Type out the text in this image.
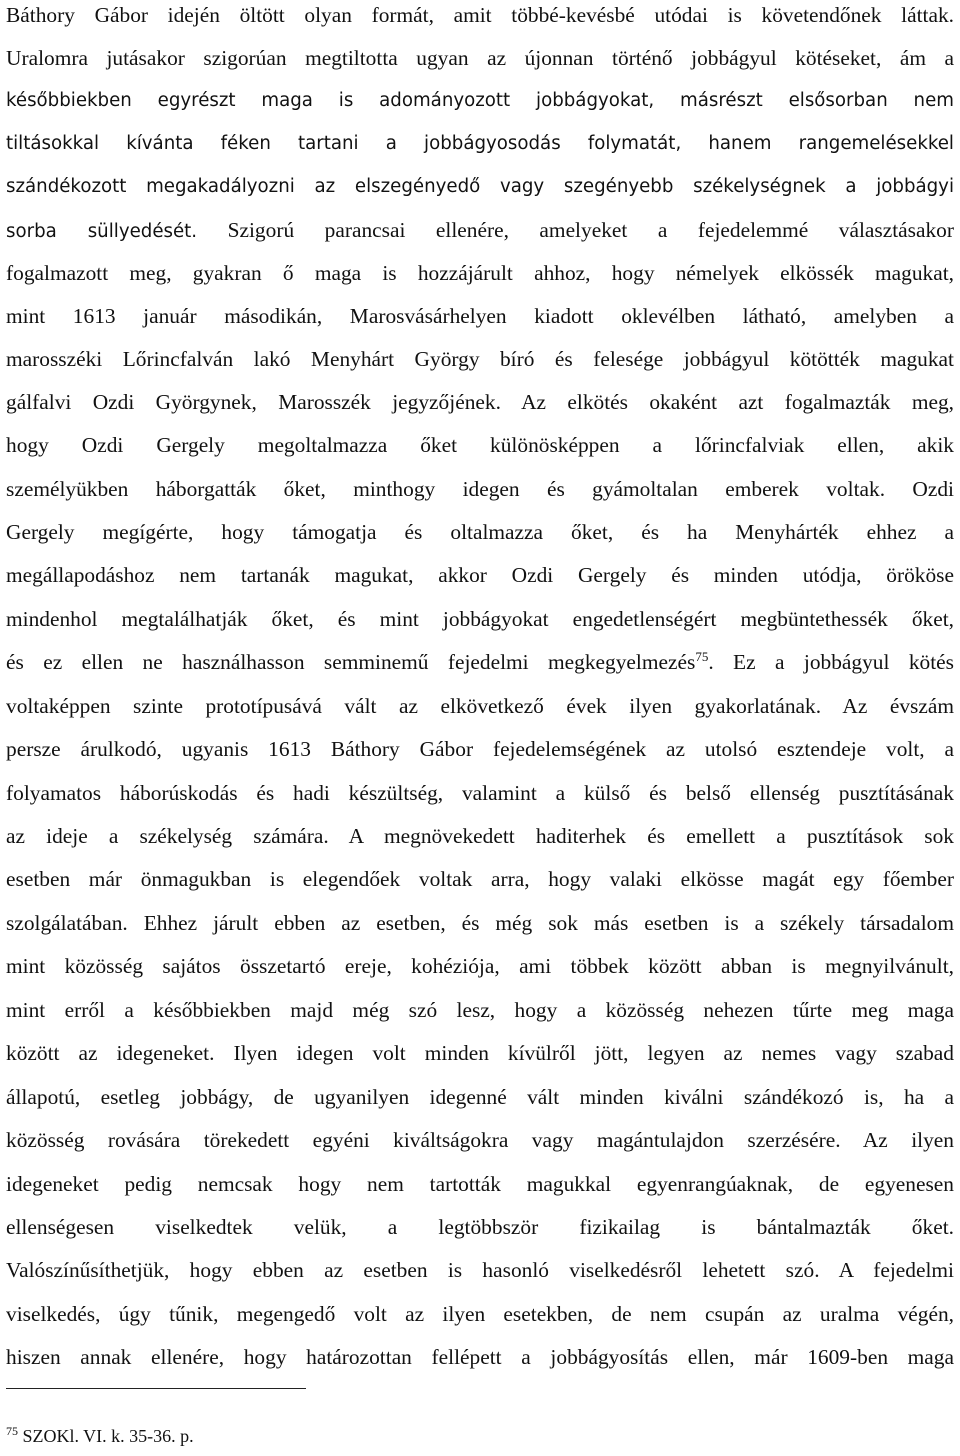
Báthory Gábor idején öltött olyan formát, amit többé-kevésbé utódai is követendőnek láttak.
Uralomra jutásakor szigorúan megtiltotta ugyan az újonnan történő jobbágyul kötéseket, ám a
későbbiekben egyrészt maga is adományozott jobbágyokat, másrészt elsősorban nem
tiltásokkal kívánta féken tartani a jobbágyosodás folymatát, hanem rangemelésekkel
szándékozott megakadályozni az elszegényedő vagy szegényebb székelységnek a jobbágyi
sorba süllyedését. Szigorú parancsai ellenére, amelyeket a fejedelemmé választásakor
fogalmazott meg, gyakran ő maga is hozzájárult ahhoz, hogy némelyek elkössék magukat,
mint 1613 január másodikán, Marosvásárhelyen kiadott oklevélben látható, amelyben a
marosszéki Lőrincfalván lakó Menyhárt György bíró és felesége jobbágyul kötötték magukat
gálfalvi Ozdi Györgynek, Marosszék jegyzőjének. Az elkötés okaként azt fogalmazták meg,
hogy Ozdi Gergely megoltalmazza őket különösképpen a lőrincfalviak ellen, akik
személyükben háborgatták őket, minthogy idegen és gyámoltalan emberek voltak. Ozdi
Gergely megígérte, hogy támogatja és oltalmazza őket, és ha Menyhárték ehhez a
megállapodáshoz nem tartanák magukat, akkor Ozdi Gergely és minden utódja, örököse
mindenhol megtalálhatják őket, és mint jobbágyokat engedetlenségért megbüntethessék őket,
és ez ellen ne használhasson semminemű fejedelmi megkegyelmezés$^{75}$. Ez a jobbágyul kötés
voltaképpen szinte prototípusává vált az elkövetkező évek ilyen gyakorlatának. Az évszám
persze árulkodó, ugyanis 1613 Báthory Gábor fejedelemségének az utolsó esztendeje volt, a
folyamatos háborúskodás és hadi készültség, valamint a külső és belső ellenség pusztításának
az ideje a székelység számára. A megnövekedett haditerhek és emellett a pusztítások sok
esetben már önmagukban is elegendőek voltak arra, hogy valaki elkösse magát egy főember
szolgálatában. Ehhez járult ebben az esetben, és még sok más esetben is a székely társadalom
mint közösség sajátos összetartó ereje, kohéziója, ami többek között abban is megnyilvánult,
mint erről a későbbiekben majd még szó lesz, hogy a közösség nehezen tűrte meg maga
között az idegeneket. Ilyen idegen volt minden kívülről jött, legyen az nemes vagy szabad
állapotú, esetleg jobbágy, de ugyanilyen idegenné vált minden kiválni szándékozó is, ha a
közösség rovására törekedett egyéni kiváltságokra vagy magántulajdon szerzésére. Az ilyen
idegeneket pedig nemcsak hogy nem tartották magukkal egyenrangúaknak, de egyenesen
ellenségesen viselkedtek velük, a legtöbbször fizikailag is bántalmazták őket.
Valószínűsíthetjük, hogy ebben az esetben is hasonló viselkedésről lehetett szó. A fejedelmi
viselkedés, úgy tűnik, megengedő volt az ilyen esetekben, de nem csupán az uralma végén,
hiszen annak ellenére, hogy határozottan fellépett a jobbágyosítás ellen, már 1609-ben maga
$^{75}$ SZOKl. VI. k. 35-36. p.
